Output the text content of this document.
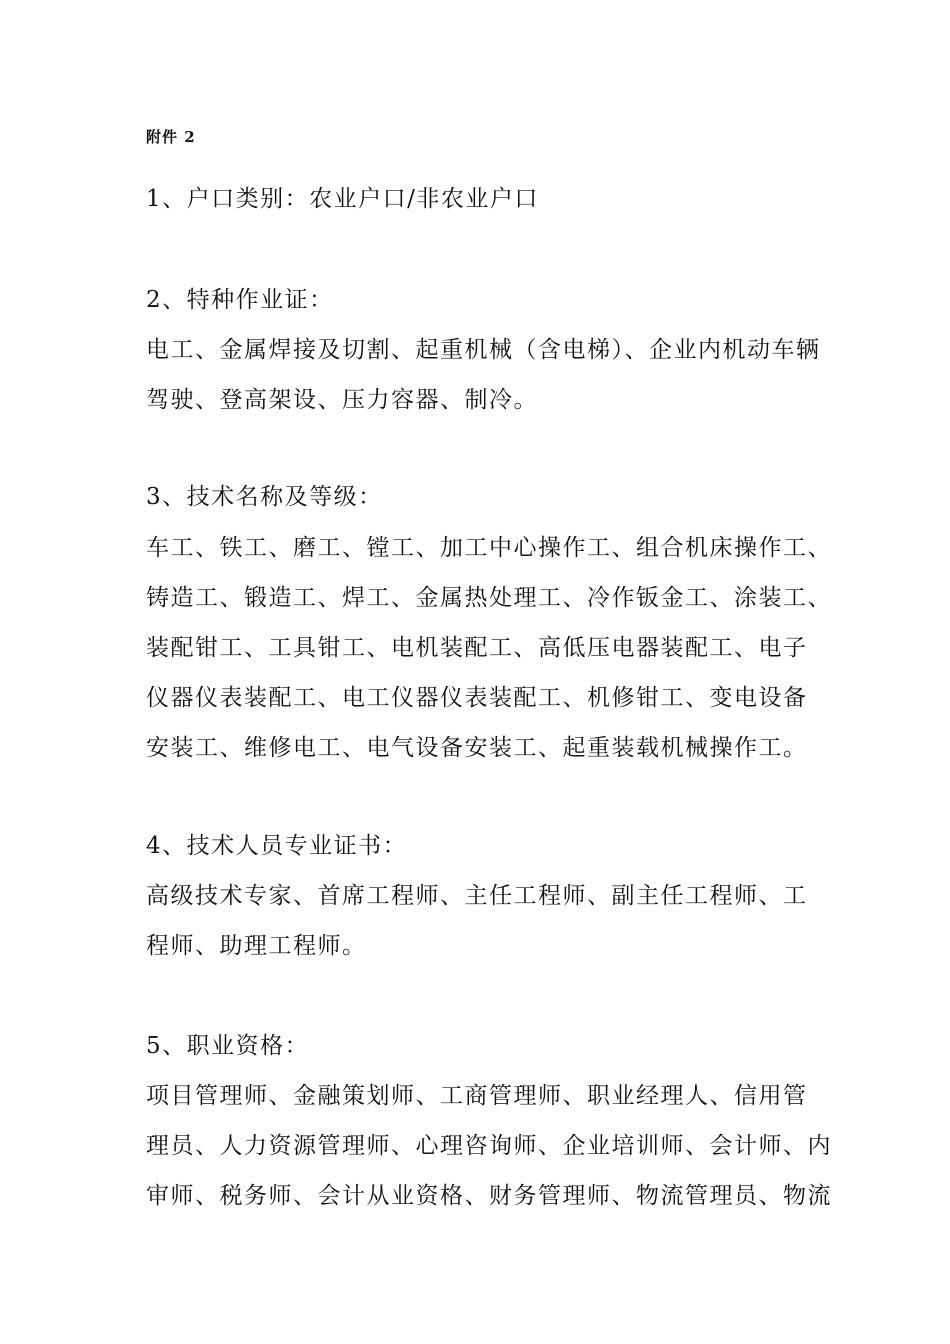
附件 2
1、户口类别：农业户口/非农业户口
2、特种作业证：
电工、金属焊接及切割、起重机械（含电梯）、企业内机动车辆
驾驶、登高架设、压力容器、制冷。
3、技术名称及等级：
车工、铁工、磨工、镗工、加工中心操作工、组合机床操作工、
铸造工、锻造工、焊工、金属热处理工、冷作钣金工、涂装工、
装配钳工、工具钳工、电机装配工、高低压电器装配工、电子
仪器仪表装配工、电工仪器仪表装配工、机修钳工、变电设备
安装工、维修电工、电气设备安装工、起重装载机械操作工。
4、技术人员专业证书：
高级技术专家、首席工程师、主任工程师、副主任工程师、工
程师、助理工程师。
5、职业资格：
项目管理师、金融策划师、工商管理师、职业经理人、信用管
理员、人力资源管理师、心理咨询师、企业培训师、会计师、内
审师、税务师、会计从业资格、财务管理师、物流管理员、物流
